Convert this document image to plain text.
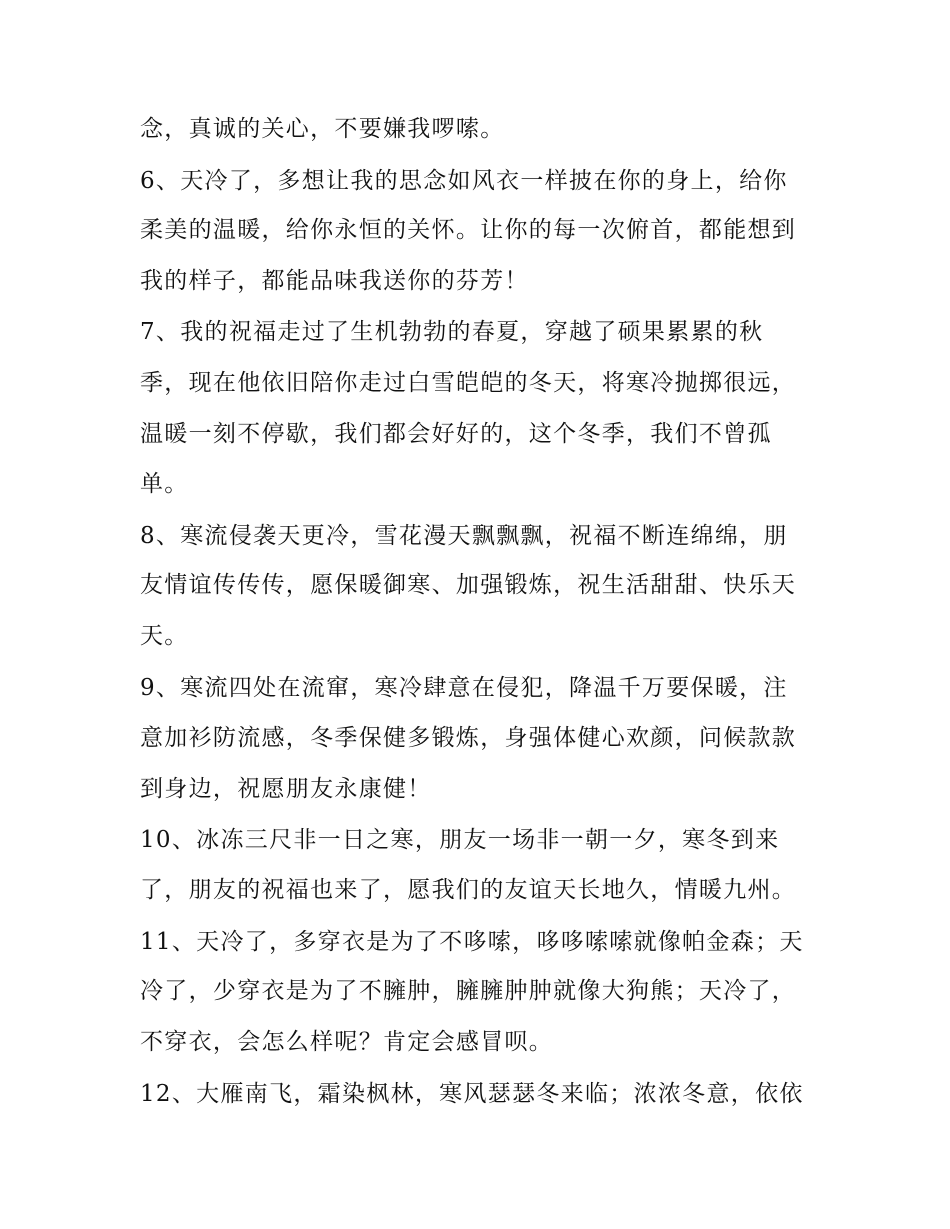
念，真诚的关心，不要嫌我啰嗦。
6、天冷了，多想让我的思念如风衣一样披在你的身上，给你
柔美的温暖，给你永恒的关怀。让你的每一次俯首，都能想到
我的样子，都能品味我送你的芬芳！
7、我的祝福走过了生机勃勃的春夏，穿越了硕果累累的秋
季，现在他依旧陪你走过白雪皑皑的冬天，将寒冷抛掷很远，
温暖一刻不停歇，我们都会好好的，这个冬季，我们不曾孤
单。
8、寒流侵袭天更冷，雪花漫天飘飘飘，祝福不断连绵绵，朋
友情谊传传传，愿保暖御寒、加强锻炼，祝生活甜甜、快乐天
天。
9、寒流四处在流窜，寒冷肆意在侵犯，降温千万要保暖，注
意加衫防流感，冬季保健多锻炼，身强体健心欢颜，问候款款
到身边，祝愿朋友永康健！
10、冰冻三尺非一日之寒，朋友一场非一朝一夕，寒冬到来
了，朋友的祝福也来了，愿我们的友谊天长地久，情暖九州。
11、天冷了，多穿衣是为了不哆嗦，哆哆嗦嗦就像帕金森；天
冷了，少穿衣是为了不臃肿，臃臃肿肿就像大狗熊；天冷了，
不穿衣，会怎么样呢？肯定会感冒呗。
12、大雁南飞，霜染枫林，寒风瑟瑟冬来临；浓浓冬意，依依
